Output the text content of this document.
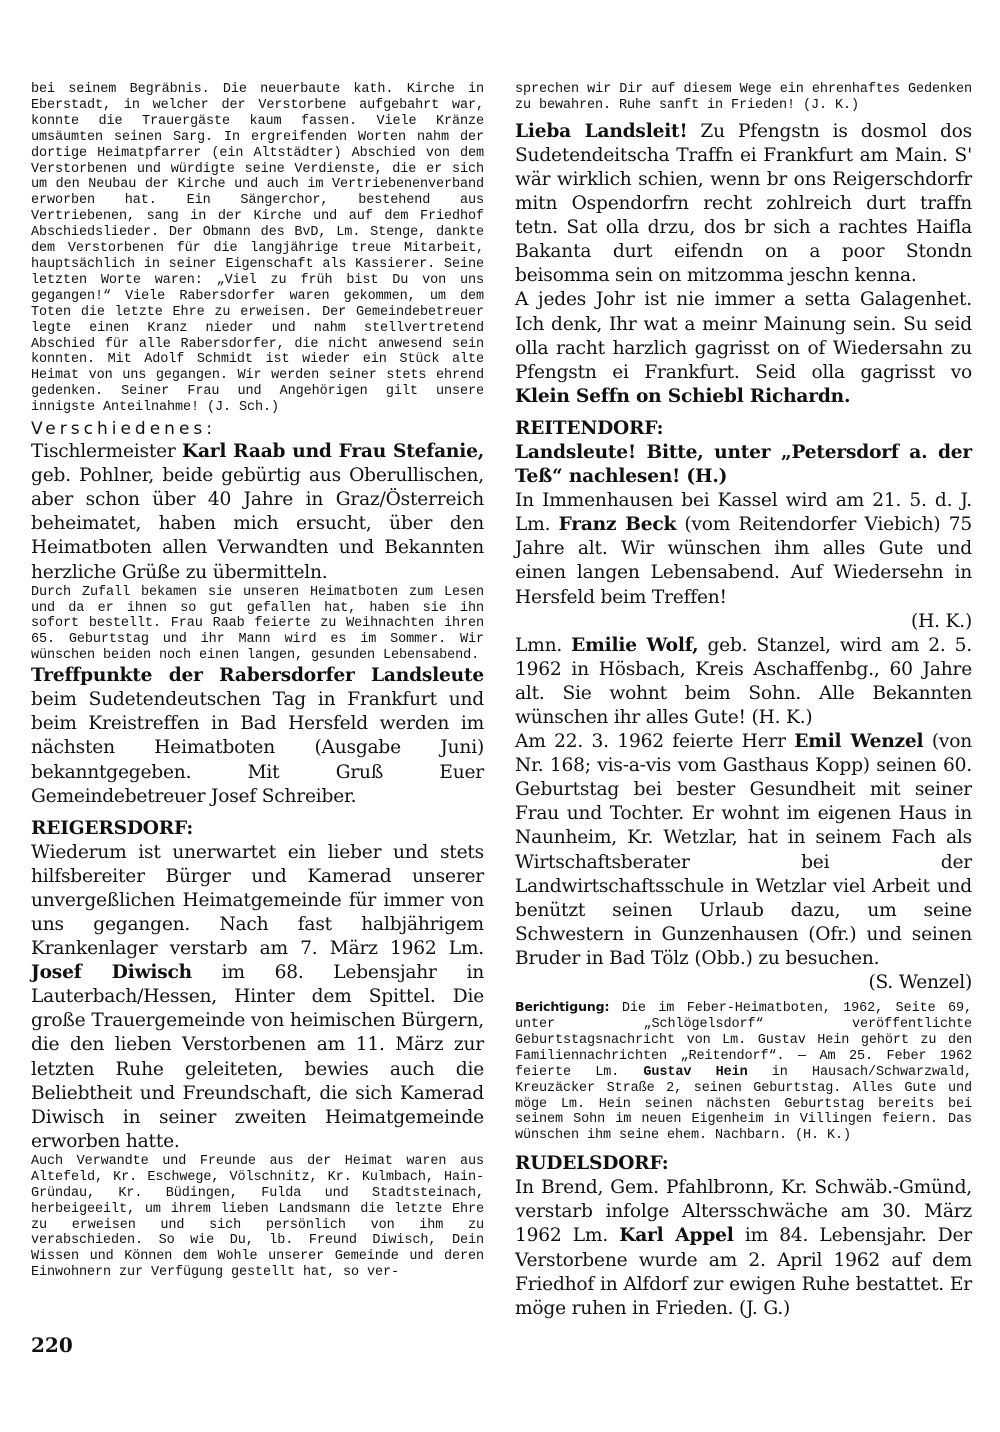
bei seinem Begräbnis. Die neuerbaute kath. Kirche in Eberstadt, in welcher der Verstorbene aufgebahrt war, konnte die Trauergäste kaum fassen. Viele Kränze umsäumten seinen Sarg. In ergreifenden Worten nahm der dortige Heimatpfarrer (ein Altstädter) Abschied von dem Verstorbenen und würdigte seine Verdienste, die er sich um den Neubau der Kirche und auch im Vertriebenenverband erworben hat. Ein Sängerchor, bestehend aus Vertriebenen, sang in der Kirche und auf dem Friedhof Abschiedslieder. Der Obmann des BvD, Lm. Stenge, dankte dem Verstorbenen für die langjährige treue Mitarbeit, hauptsächlich in seiner Eigenschaft als Kassierer. Seine letzten Worte waren: „Viel zu früh bist Du von uns gegangen!“ Viele Rabersdorfer waren gekommen, um dem Toten die letzte Ehre zu erweisen. Der Gemeindebetreuer legte einen Kranz nieder und nahm stellvertretend Abschied für alle Rabersdorfer, die nicht anwesend sein konnten. Mit Adolf Schmidt ist wieder ein Stück alte Heimat von uns gegangen. Wir werden seiner stets ehrend gedenken. Seiner Frau und Angehörigen gilt unsere innigste Anteilnahme! (J. Sch.)

Verschiedenes:

Tischlermeister Karl Raab und Frau Stefanie, geb. Pohlner, beide gebürtig aus Oberullischen, aber schon über 40 Jahre in Graz/Österreich beheimatet, haben mich ersucht, über den Heimatboten allen Verwandten und Bekannten herzliche Grüße zu übermitteln.

Durch Zufall bekamen sie unseren Heimatboten zum Lesen und da er ihnen so gut gefallen hat, haben sie ihn sofort bestellt. Frau Raab feierte zu Weihnachten ihren 65. Geburtstag und ihr Mann wird es im Sommer. Wir wünschen beiden noch einen langen, gesunden Lebensabend.

Treffpunkte der Rabersdorfer Landsleute beim Sudetendeutschen Tag in Frankfurt und beim Kreistreffen in Bad Hersfeld werden im nächsten Heimatboten (Ausgabe Juni) bekanntgegeben. Mit Gruß Euer Gemeindebetreuer Josef Schreiber.

REIGERSDORF:

Wiederum ist unerwartet ein lieber und stets hilfsbereiter Bürger und Kamerad unserer unvergeßlichen Heimatgemeinde für immer von uns gegangen. Nach fast halbjährigem Krankenlager verstarb am 7. März 1962 Lm. Josef Diwisch im 68. Lebensjahr in Lauterbach/Hessen, Hinter dem Spittel. Die große Trauergemeinde von heimischen Bürgern, die den lieben Verstorbenen am 11. März zur letzten Ruhe geleiteten, bewies auch die Beliebtheit und Freundschaft, die sich Kamerad Diwisch in seiner zweiten Heimatgemeinde erworben hatte.

Auch Verwandte und Freunde aus der Heimat waren aus Altefeld, Kr. Eschwege, Völschnitz, Kr. Kulmbach, Hain-Gründau, Kr. Büdingen, Fulda und Stadtsteinach, herbeigeeilt, um ihrem lieben Landsmann die letzte Ehre zu erweisen und sich persönlich von ihm zu verabschieden. So wie Du, lb. Freund Diwisch, Dein Wissen und Können dem Wohle unserer Gemeinde und deren Einwohnern zur Verfügung gestellt hat, so ver-

sprechen wir Dir auf diesem Wege ein ehrenhaftes Gedenken zu bewahren. Ruhe sanft in Frieden! (J. K.)

Lieba Landsleit! Zu Pfengstn is dosmol dos Sudetendeitscha Traffn ei Frankfurt am Main. S' wär wirklich schien, wenn br ons Reigerschdorfr mitn Ospendorfrn recht zohlreich durt traffn tetn. Sat olla drzu, dos br sich a rachtes Haifla Bakanta durt eifendn on a poor Stondn beisomma sein on mitzomma jeschn kenna.

A jedes Johr ist nie immer a setta Galagenhet. Ich denk, Ihr wat a meinr Mainung sein. Su seid olla racht harzlich gagrisst on of Wiedersahn zu Pfengstn ei Frankfurt. Seid olla gagrisst vo Klein Seffn on Schiebl Richardn.

REITENDORF:

Landsleute! Bitte, unter „Petersdorf a. der Teß“ nachlesen! (H.)

In Immenhausen bei Kassel wird am 21. 5. d. J. Lm. Franz Beck (vom Reitendorfer Viebich) 75 Jahre alt. Wir wünschen ihm alles Gute und einen langen Lebensabend. Auf Wiedersehn in Hersfeld beim Treffen!

(H. K.)

Lmn. Emilie Wolf, geb. Stanzel, wird am 2. 5. 1962 in Hösbach, Kreis Aschaffenbg., 60 Jahre alt. Sie wohnt beim Sohn. Alle Bekannten wünschen ihr alles Gute! (H. K.)

Am 22. 3. 1962 feierte Herr Emil Wenzel (von Nr. 168; vis-a-vis vom Gasthaus Kopp) seinen 60. Geburtstag bei bester Gesundheit mit seiner Frau und Tochter. Er wohnt im eigenen Haus in Naunheim, Kr. Wetzlar, hat in seinem Fach als Wirtschaftsberater bei der Landwirtschaftsschule in Wetzlar viel Arbeit und benützt seinen Urlaub dazu, um seine Schwestern in Gunzenhausen (Ofr.) und seinen Bruder in Bad Tölz (Obb.) zu besuchen.

(S. Wenzel)

Berichtigung: Die im Feber-Heimatboten, 1962, Seite 69, unter „Schlögelsdorf“ veröffentlichte Geburtstagsnachricht von Lm. Gustav Hein gehört zu den Familiennachrichten „Reitendorf“. — Am 25. Feber 1962 feierte Lm. Gustav Hein in Hausach/Schwarzwald, Kreuzäcker Straße 2, seinen Geburtstag. Alles Gute und möge Lm. Hein seinen nächsten Geburtstag bereits bei seinem Sohn im neuen Eigenheim in Villingen feiern. Das wünschen ihm seine ehem. Nachbarn. (H. K.)

RUDELSDORF:

In Brend, Gem. Pfahlbronn, Kr. Schwäb.-Gmünd, verstarb infolge Altersschwäche am 30. März 1962 Lm. Karl Appel im 84. Lebensjahr. Der Verstorbene wurde am 2. April 1962 auf dem Friedhof in Alfdorf zur ewigen Ruhe bestattet. Er möge ruhen in Frieden. (J. G.)

220
